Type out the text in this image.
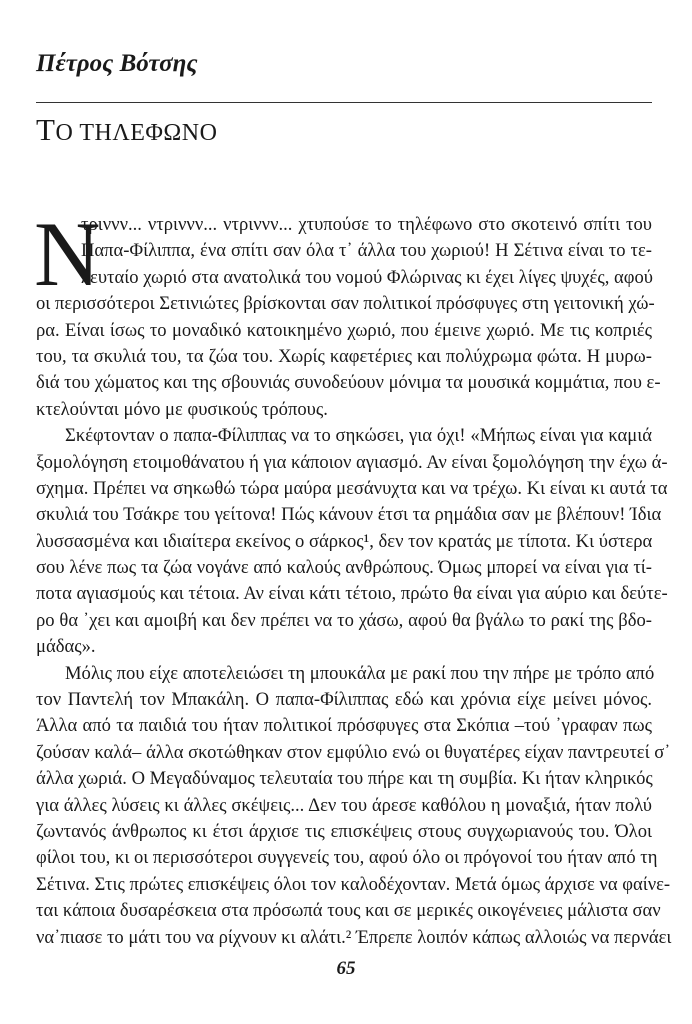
Πέτρος Βότσης
ΤΟ ΤΗΛΕΦΩΝΟ
Ν
τριννν... ντριννν... ντριννν... χτυπούσε το τηλέφωνο στο σκοτεινό σπίτι του
Παπα-Φίλιππα, ένα σπίτι σαν όλα τ᾽ άλλα του χωριού! Η Σέτινα είναι το τε-
λευταίο χωριό στα ανατολικά του νομού Φλώρινας κι έχει λίγες ψυχές, αφού
οι περισσότεροι Σετινιώτες βρίσκονται σαν πολιτικοί πρόσφυγες στη γειτονική χώ-
ρα. Είναι ίσως το μοναδικό κατοικημένο χωριό, που έμεινε χωριό. Με τις κοπριές
του, τα σκυλιά του, τα ζώα του. Χωρίς καφετέριες και πολύχρωμα φώτα. Η μυρω-
διά του χώματος και της σβουνιάς συνοδεύουν μόνιμα τα μουσικά κομμάτια, που ε-
κτελούνται μόνο με φυσικούς τρόπους.
Σκέφτονταν ο παπα-Φίλιππας να το σηκώσει, για όχι! «Μήπως είναι για καμιά
ξομολόγηση ετοιμοθάνατου ή για κάποιον αγιασμό. Αν είναι ξομολόγηση την έχω ά-
σχημα. Πρέπει να σηκωθώ τώρα μαύρα μεσάνυχτα και να τρέχω. Κι είναι κι αυτά τα
σκυλιά του Τσάκρε του γείτονα! Πώς κάνουν έτσι τα ρημάδια σαν με βλέπουν! Ίδια
λυσσασμένα και ιδιαίτερα εκείνος ο σάρκος¹, δεν τον κρατάς με τίποτα. Κι ύστερα
σου λένε πως τα ζώα νογάνε από καλούς ανθρώπους. Όμως μπορεί να είναι για τί-
ποτα αγιασμούς και τέτοια. Αν είναι κάτι τέτοιο, πρώτο θα είναι για αύριο και δεύτε-
ρο θα ᾽χει και αμοιβή και δεν πρέπει να το χάσω, αφού θα βγάλω το ρακί της βδο-
μάδας».
Μόλις που είχε αποτελειώσει τη μπουκάλα με ρακί που την πήρε με τρόπο από
τον Παντελή τον Μπακάλη. Ο παπα-Φίλιππας εδώ και χρόνια είχε μείνει μόνος.
Άλλα από τα παιδιά του ήταν πολιτικοί πρόσφυγες στα Σκόπια –τού ᾽γραφαν πως
ζούσαν καλά– άλλα σκοτώθηκαν στον εμφύλιο ενώ οι θυγατέρες είχαν παντρευτεί σ᾽
άλλα χωριά. Ο Μεγαδύναμος τελευταία του πήρε και τη συμβία. Κι ήταν κληρικός
για άλλες λύσεις κι άλλες σκέψεις... Δεν του άρεσε καθόλου η μοναξιά, ήταν πολύ
ζωντανός άνθρωπος κι έτσι άρχισε τις επισκέψεις στους συγχωριανούς του. Όλοι
φίλοι του, κι οι περισσότεροι συγγενείς του, αφού όλο οι πρόγονοί του ήταν από τη
Σέτινα. Στις πρώτες επισκέψεις όλοι τον καλοδέχονταν. Μετά όμως άρχισε να φαίνε-
ται κάποια δυσαρέσκεια στα πρόσωπά τους και σε μερικές οικογένειες μάλιστα σαν
να᾽πιασε το μάτι του να ρίχνουν κι αλάτι.² Έπρεπε λοιπόν κάπως αλλοιώς να περνάει
65
